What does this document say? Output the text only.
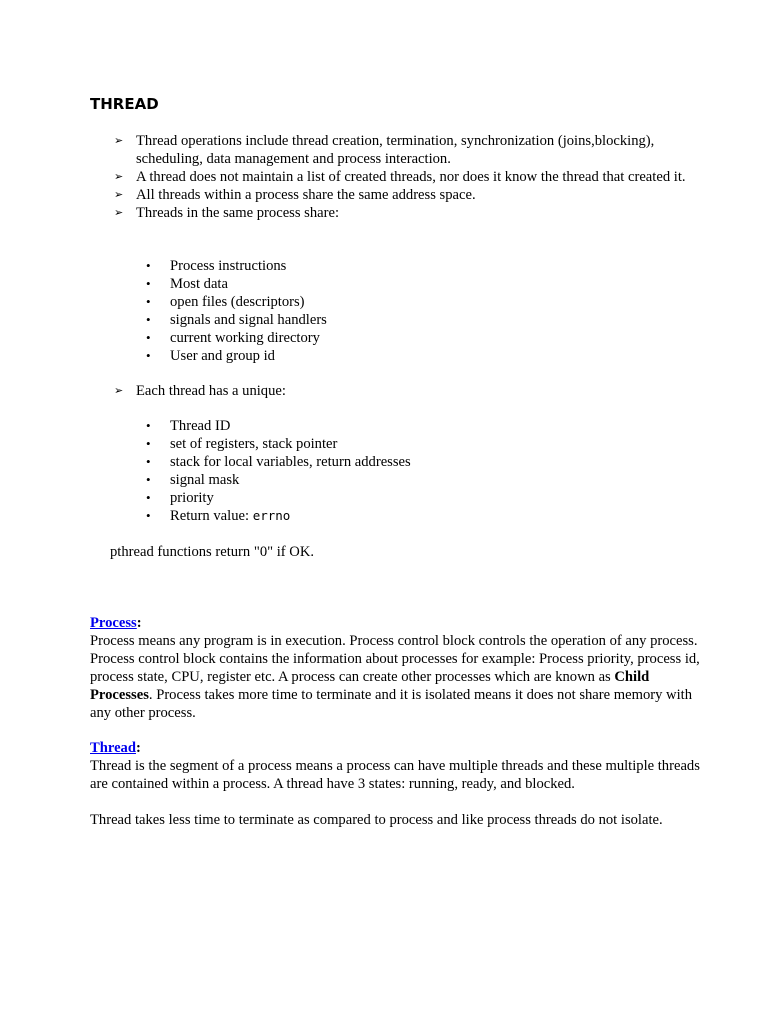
THREAD
➢ Thread operations include thread creation, termination, synchronization (joins,blocking), scheduling, data management and process interaction.
➢ A thread does not maintain a list of created threads, nor does it know the thread that created it.
➢ All threads within a process share the same address space.
➢ Threads in the same process share:
• Process instructions
• Most data
• open files (descriptors)
• signals and signal handlers
• current working directory
• User and group id
➢ Each thread has a unique:
• Thread ID
• set of registers, stack pointer
• stack for local variables, return addresses
• signal mask
• priority
• Return value: errno

pthread functions return "0" if OK.

Process:
Process means any program is in execution. Process control block controls the operation of any process. Process control block contains the information about processes for example: Process priority, process id, process state, CPU, register etc. A process can create other processes which are known as Child Processes. Process takes more time to terminate and it is isolated means it does not share memory with any other process.

Thread:
Thread is the segment of a process means a process can have multiple threads and these multiple threads are contained within a process. A thread have 3 states: running, ready, and blocked.

Thread takes less time to terminate as compared to process and like process threads do not isolate.
